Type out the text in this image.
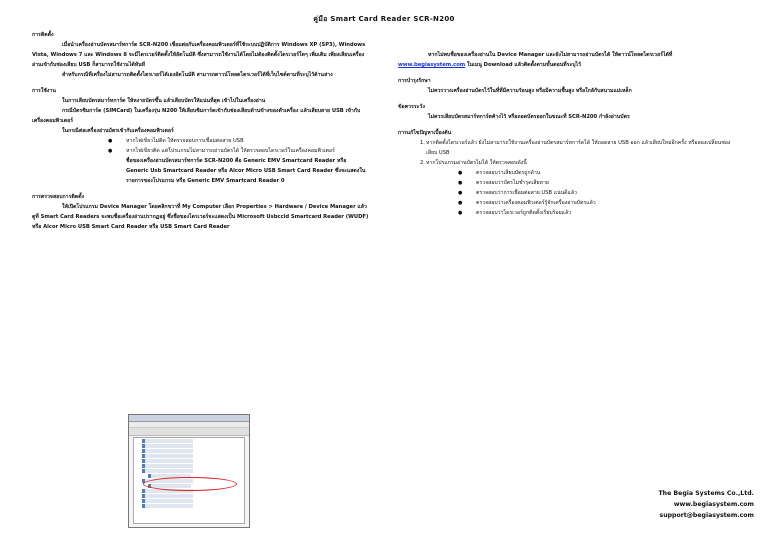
คู่มือ Smart Card Reader SCR-N200
การติดตั้ง

เมื่อนำเครื่องอ่านบัตรสมาร์ทการ์ด SCR-N200 เชื่อมต่อกับเครื่องคอมพิวเตอร์ที่ใช้ระบบปฏิบัติการ Windows XP (SP3), Windows Vista, Windows 7 และ Windows 8 จะมีไดรเวอร์ติดตั้งให้อัตโนมัติ ซึ่งสามารถใช้งานได้โดยไม่ต้องติดตั้งไดรเวอร์ใดๆ เพิ่มเติม เพียงเสียบเครื่องอ่านเข้ากับช่องเสียบ USB ก็สามารถใช้งานได้ทันที

สำหรับกรณีที่เครื่องไม่สามารถติดตั้งไดรเวอร์ได้เองอัตโนมัติ สามารถดาวน์โหลดไดรเวอร์ได้ที่เว็บไซต์ตามที่ระบุไว้ด้านล่าง

การใช้งาน

ในการเสียบบัตรสมาร์ทการ์ด ให้หงายบัตรขึ้น แล้วเสียบบัตรให้แน่นที่สุด เข้าไปในเครื่องอ่าน

กรณีบัตรซิมการ์ด (SIMCard) ในเครื่องรุ่น N200 ให้เสียบซิมการ์ดเข้ากับช่องเสียบด้านข้างของตัวเครื่อง แล้วเสียบสาย USB เข้ากับเครื่องคอมพิวเตอร์

ในกรณีต่อเครื่องอ่านบัตรเข้ากับเครื่องคอมพิวเตอร์

● หากไฟเขียวไม่ติด ให้ตรวจสอบการเชื่อมต่อสาย USB
● หากไฟเขียวติด แต่โปรแกรมไม่สามารถอ่านบัตรได้ ให้ตรวจสอบไดรเวอร์ในเครื่องคอมพิวเตอร์

ชื่อของเครื่องอ่านบัตรสมาร์ทการ์ด SCR-N200 คือ Generic EMV Smartcard Reader หรือ Generic Usb Smartcard Reader หรือ Alcor Micro USB Smart Card Reader ซึ่งจะแสดงในรายการของโปรแกรม หรือ Generic EMV Smartcard Reader 0

การตรวจสอบการติดตั้ง

ให้เปิดโปรแกรม Device Manager โดยคลิกขวาที่ My Computer เลือก Properties > Hardware / Device Manager แล้วดูที่ Smart Card Readers จะพบชื่อเครื่องอ่านปรากฏอยู่ ซึ่งชื่อของไดรเวอร์จะแสดงเป็น Microsoft Usbccid Smartcard Reader (WUDF) หรือ Alcor Micro USB Smart Card Reader หรือ USB Smart Card Reader

หากไม่พบชื่อของเครื่องอ่านใน Device Manager และยังไม่สามารถอ่านบัตรได้ ให้ดาวน์โหลดไดรเวอร์ได้ที่ www.begiasystem.com ในเมนู Download แล้วติดตั้งตามขั้นตอนที่ระบุไว้

การบำรุงรักษา

ไม่ควรวางเครื่องอ่านบัตรไว้ในที่ที่มีความร้อนสูง หรือมีความชื้นสูง หรือใกล้กับสนามแม่เหล็ก

ข้อควรระวัง

ไม่ควรเสียบบัตรสมาร์ทการ์ดค้างไว้ หรือถอดบัตรออกในขณะที่ SCR-N200 กำลังอ่านบัตร

การแก้ไขปัญหาเบื้องต้น
1. หากติดตั้งไดรเวอร์แล้ว ยังไม่สามารถใช้งานเครื่องอ่านบัตรสมาร์ทการ์ดได้ ให้ถอดสาย USB ออก แล้วเสียบใหม่อีกครั้ง หรือลองเปลี่ยนช่องเสียบ USB
2. หากโปรแกรมอ่านบัตรไม่ได้ ให้ตรวจสอบดังนี้
● ตรวจสอบว่าเสียบบัตรถูกด้าน
● ตรวจสอบว่าบัตรไม่ชำรุดเสียหาย
● ตรวจสอบว่าการเชื่อมต่อสาย USB แน่นดีแล้ว
● ตรวจสอบว่าเครื่องคอมพิวเตอร์รู้จักเครื่องอ่านบัตรแล้ว
● ตรวจสอบว่าไดรเวอร์ถูกติดตั้งเรียบร้อยแล้ว
The Begia Systems Co.,Ltd.
www.begiasystem.com
support@begiasystem.com
